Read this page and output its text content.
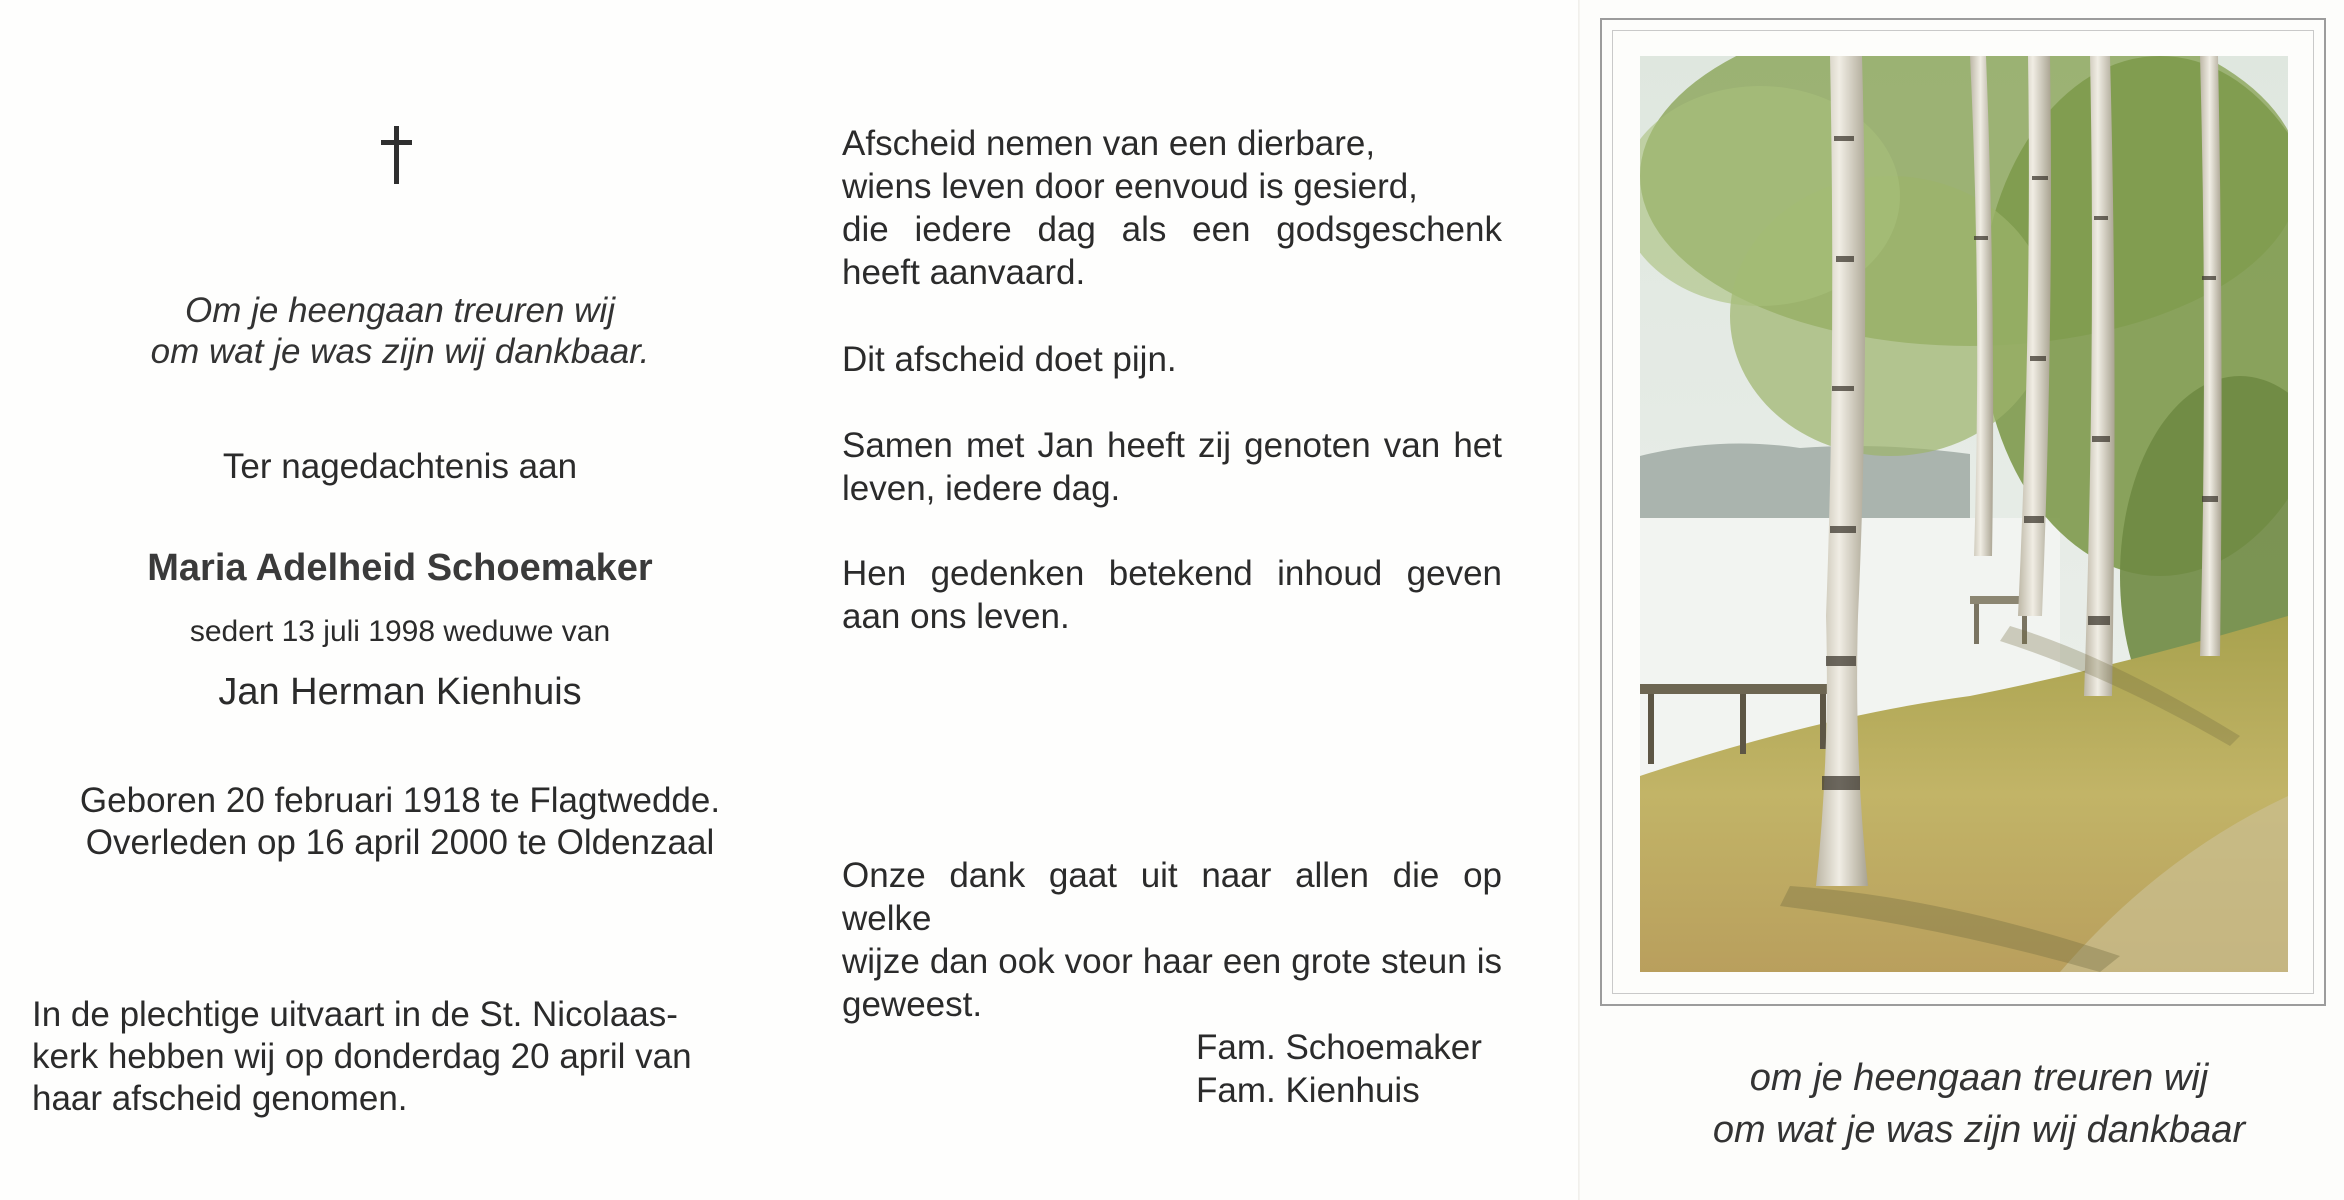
Om je heengaan treuren wij
om wat je was zijn wij dankbaar.
Ter nagedachtenis aan
Maria Adelheid Schoemaker
sedert 13 juli 1998 weduwe van
Jan Herman Kienhuis
Geboren 20 februari 1918 te Flagtwedde.
Overleden op 16 april 2000 te Oldenzaal
In de plechtige uitvaart in de St. Nicolaas-
kerk hebben wij op donderdag 20 april van
haar afscheid genomen.
Afscheid nemen van een dierbare,
wiens leven door eenvoud is gesierd,
die iedere dag als een godsgeschenk
heeft aanvaard.
Dit afscheid doet pijn.
Samen met Jan heeft zij genoten van het
leven, iedere dag.
Hen gedenken betekend inhoud geven
aan ons leven.
Onze dank gaat uit naar allen die op welke
wijze dan ook voor haar een grote steun is
geweest.
Fam. Schoemaker
Fam. Kienhuis	om je heengaan treuren wij
om wat je was zijn wij dankbaar
